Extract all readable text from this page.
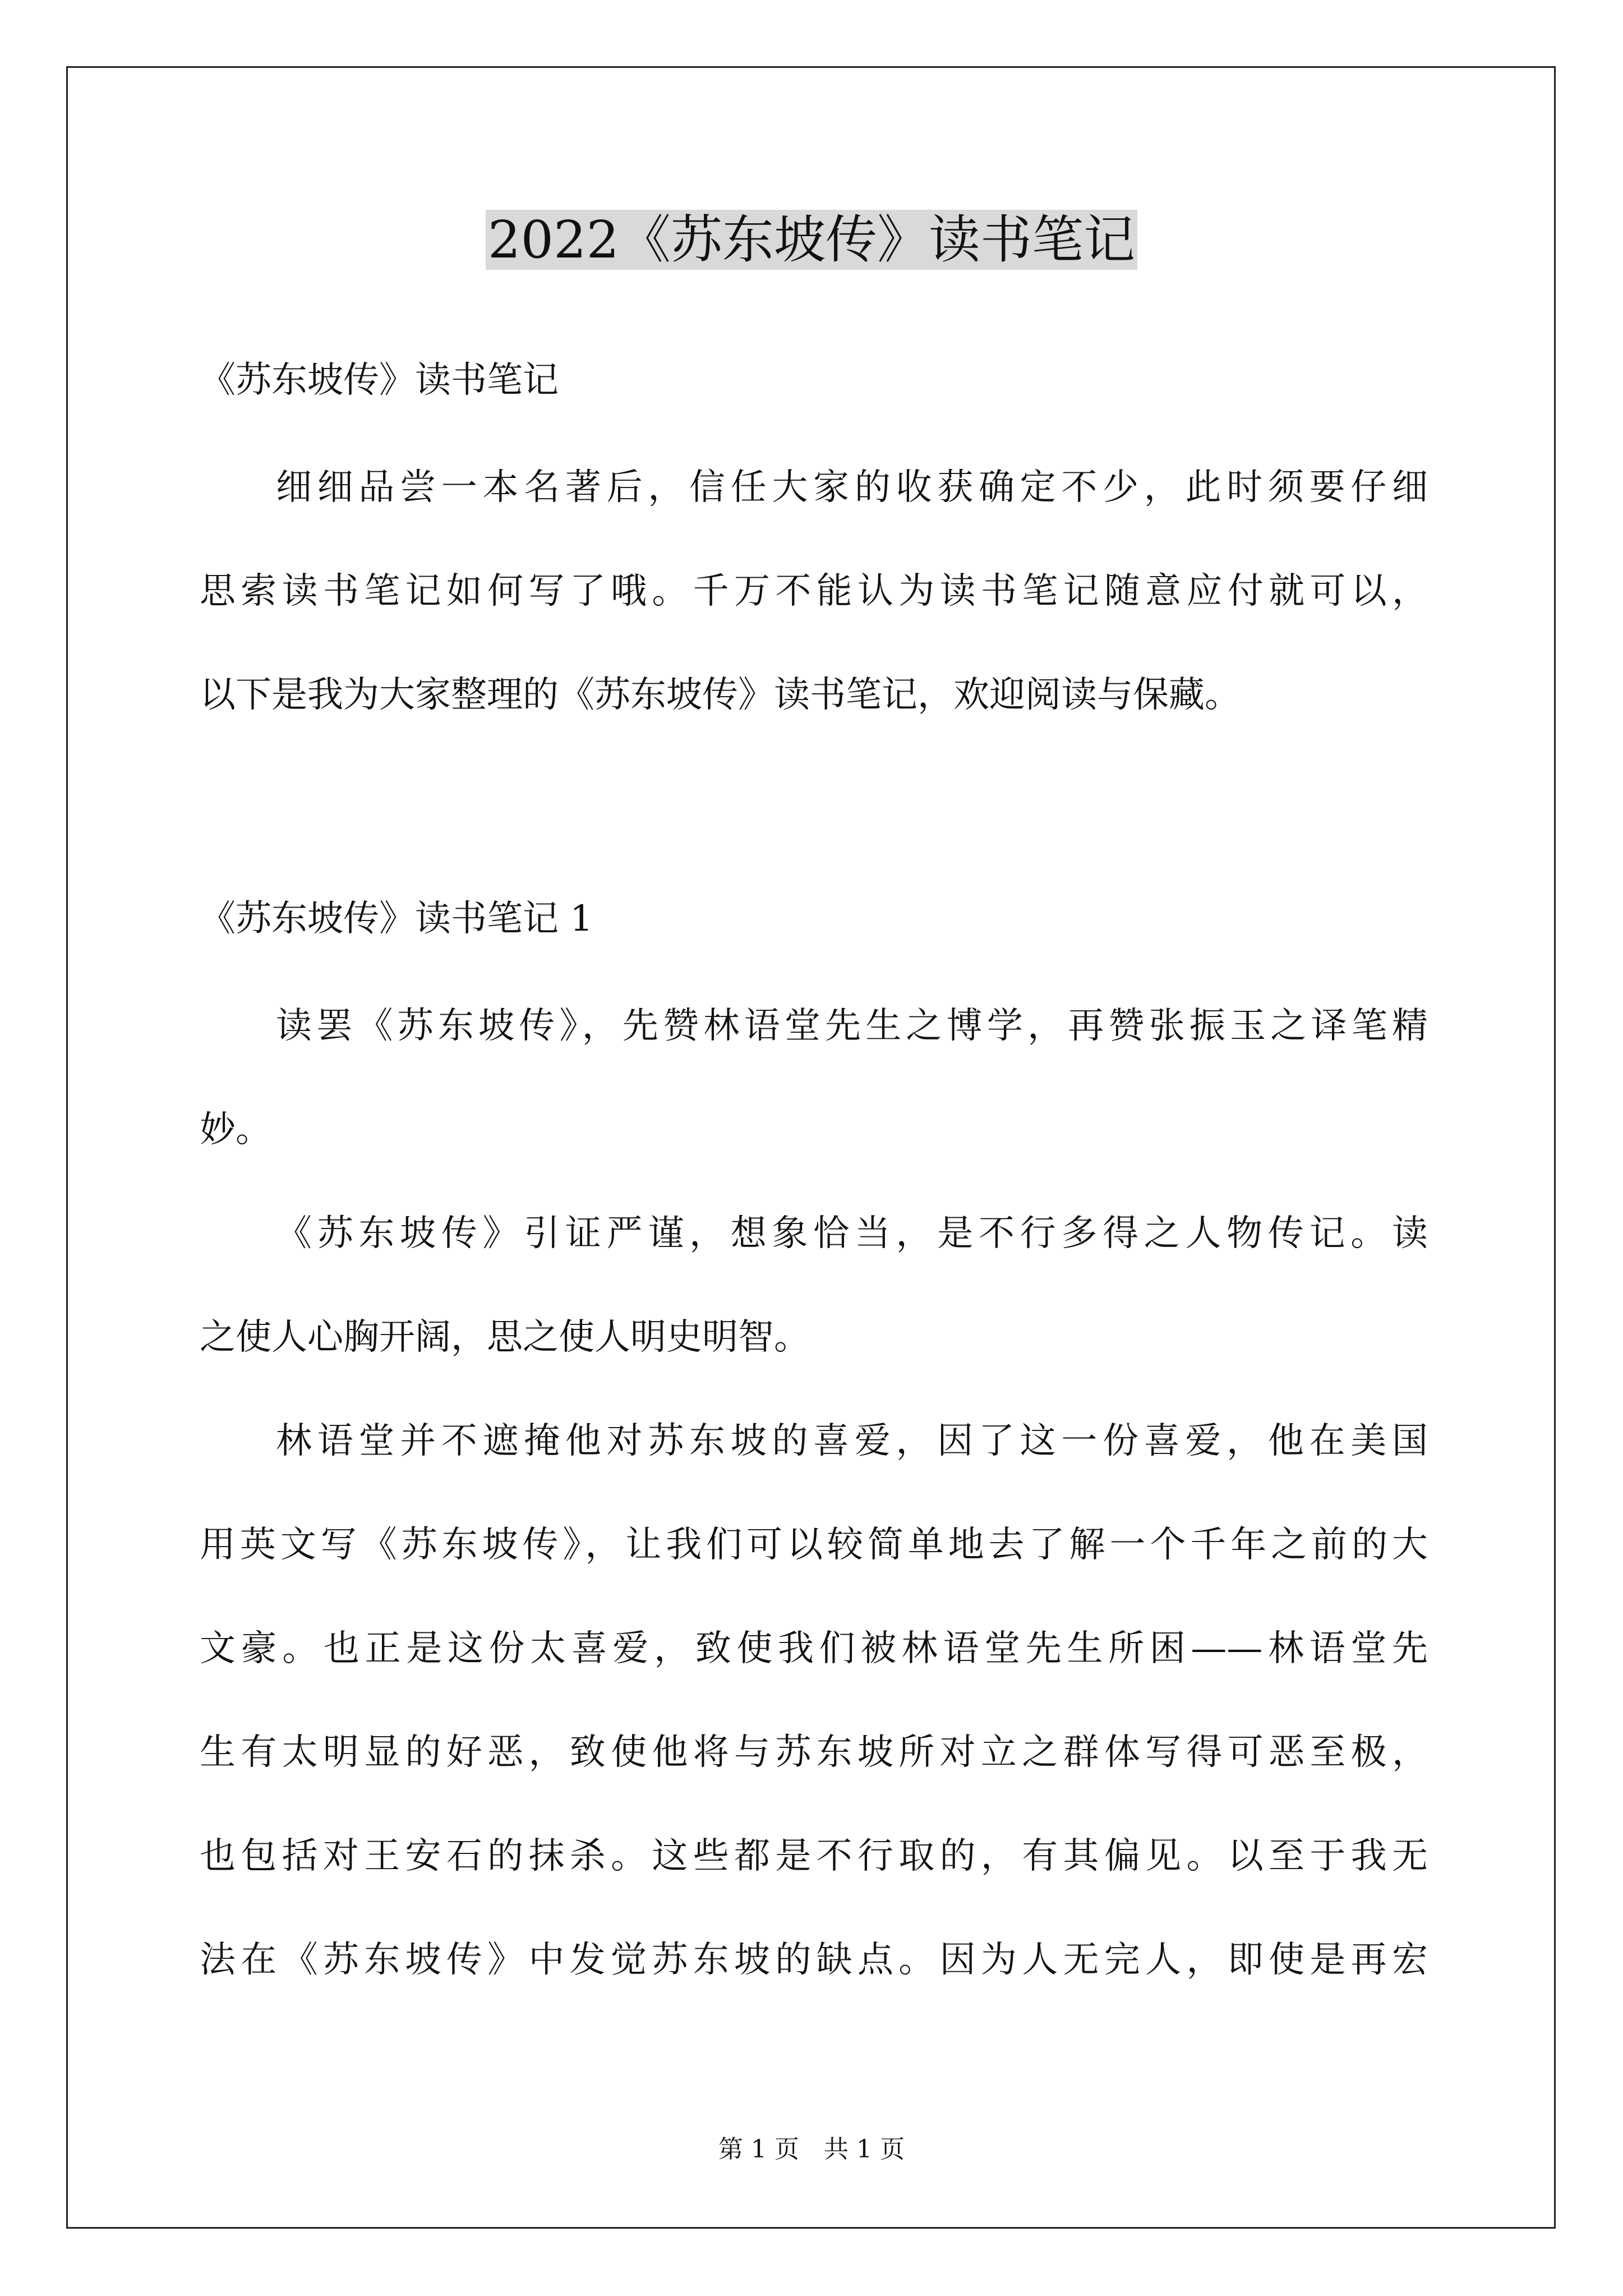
2022《苏东坡传》读书笔记
《苏东坡传》读书笔记
细细品尝一本名著后，信任大家的收获确定不少，此时须要仔细
思索读书笔记如何写了哦。千万不能认为读书笔记随意应付就可以，
以下是我为大家整理的《苏东坡传》读书笔记，欢迎阅读与保藏。
《苏东坡传》读书笔记 1
读罢《苏东坡传》，先赞林语堂先生之博学，再赞张振玉之译笔精
妙。
《苏东坡传》引证严谨，想象恰当，是不行多得之人物传记。读
之使人心胸开阔，思之使人明史明智。
林语堂并不遮掩他对苏东坡的喜爱，因了这一份喜爱，他在美国
用英文写《苏东坡传》，让我们可以较简单地去了解一个千年之前的大
文豪。也正是这份太喜爱，致使我们被林语堂先生所困——林语堂先
生有太明显的好恶，致使他将与苏东坡所对立之群体写得可恶至极，
也包括对王安石的抹杀。这些都是不行取的，有其偏见。以至于我无
法在《苏东坡传》中发觉苏东坡的缺点。因为人无完人，即使是再宏
第 1 页　共 1 页
